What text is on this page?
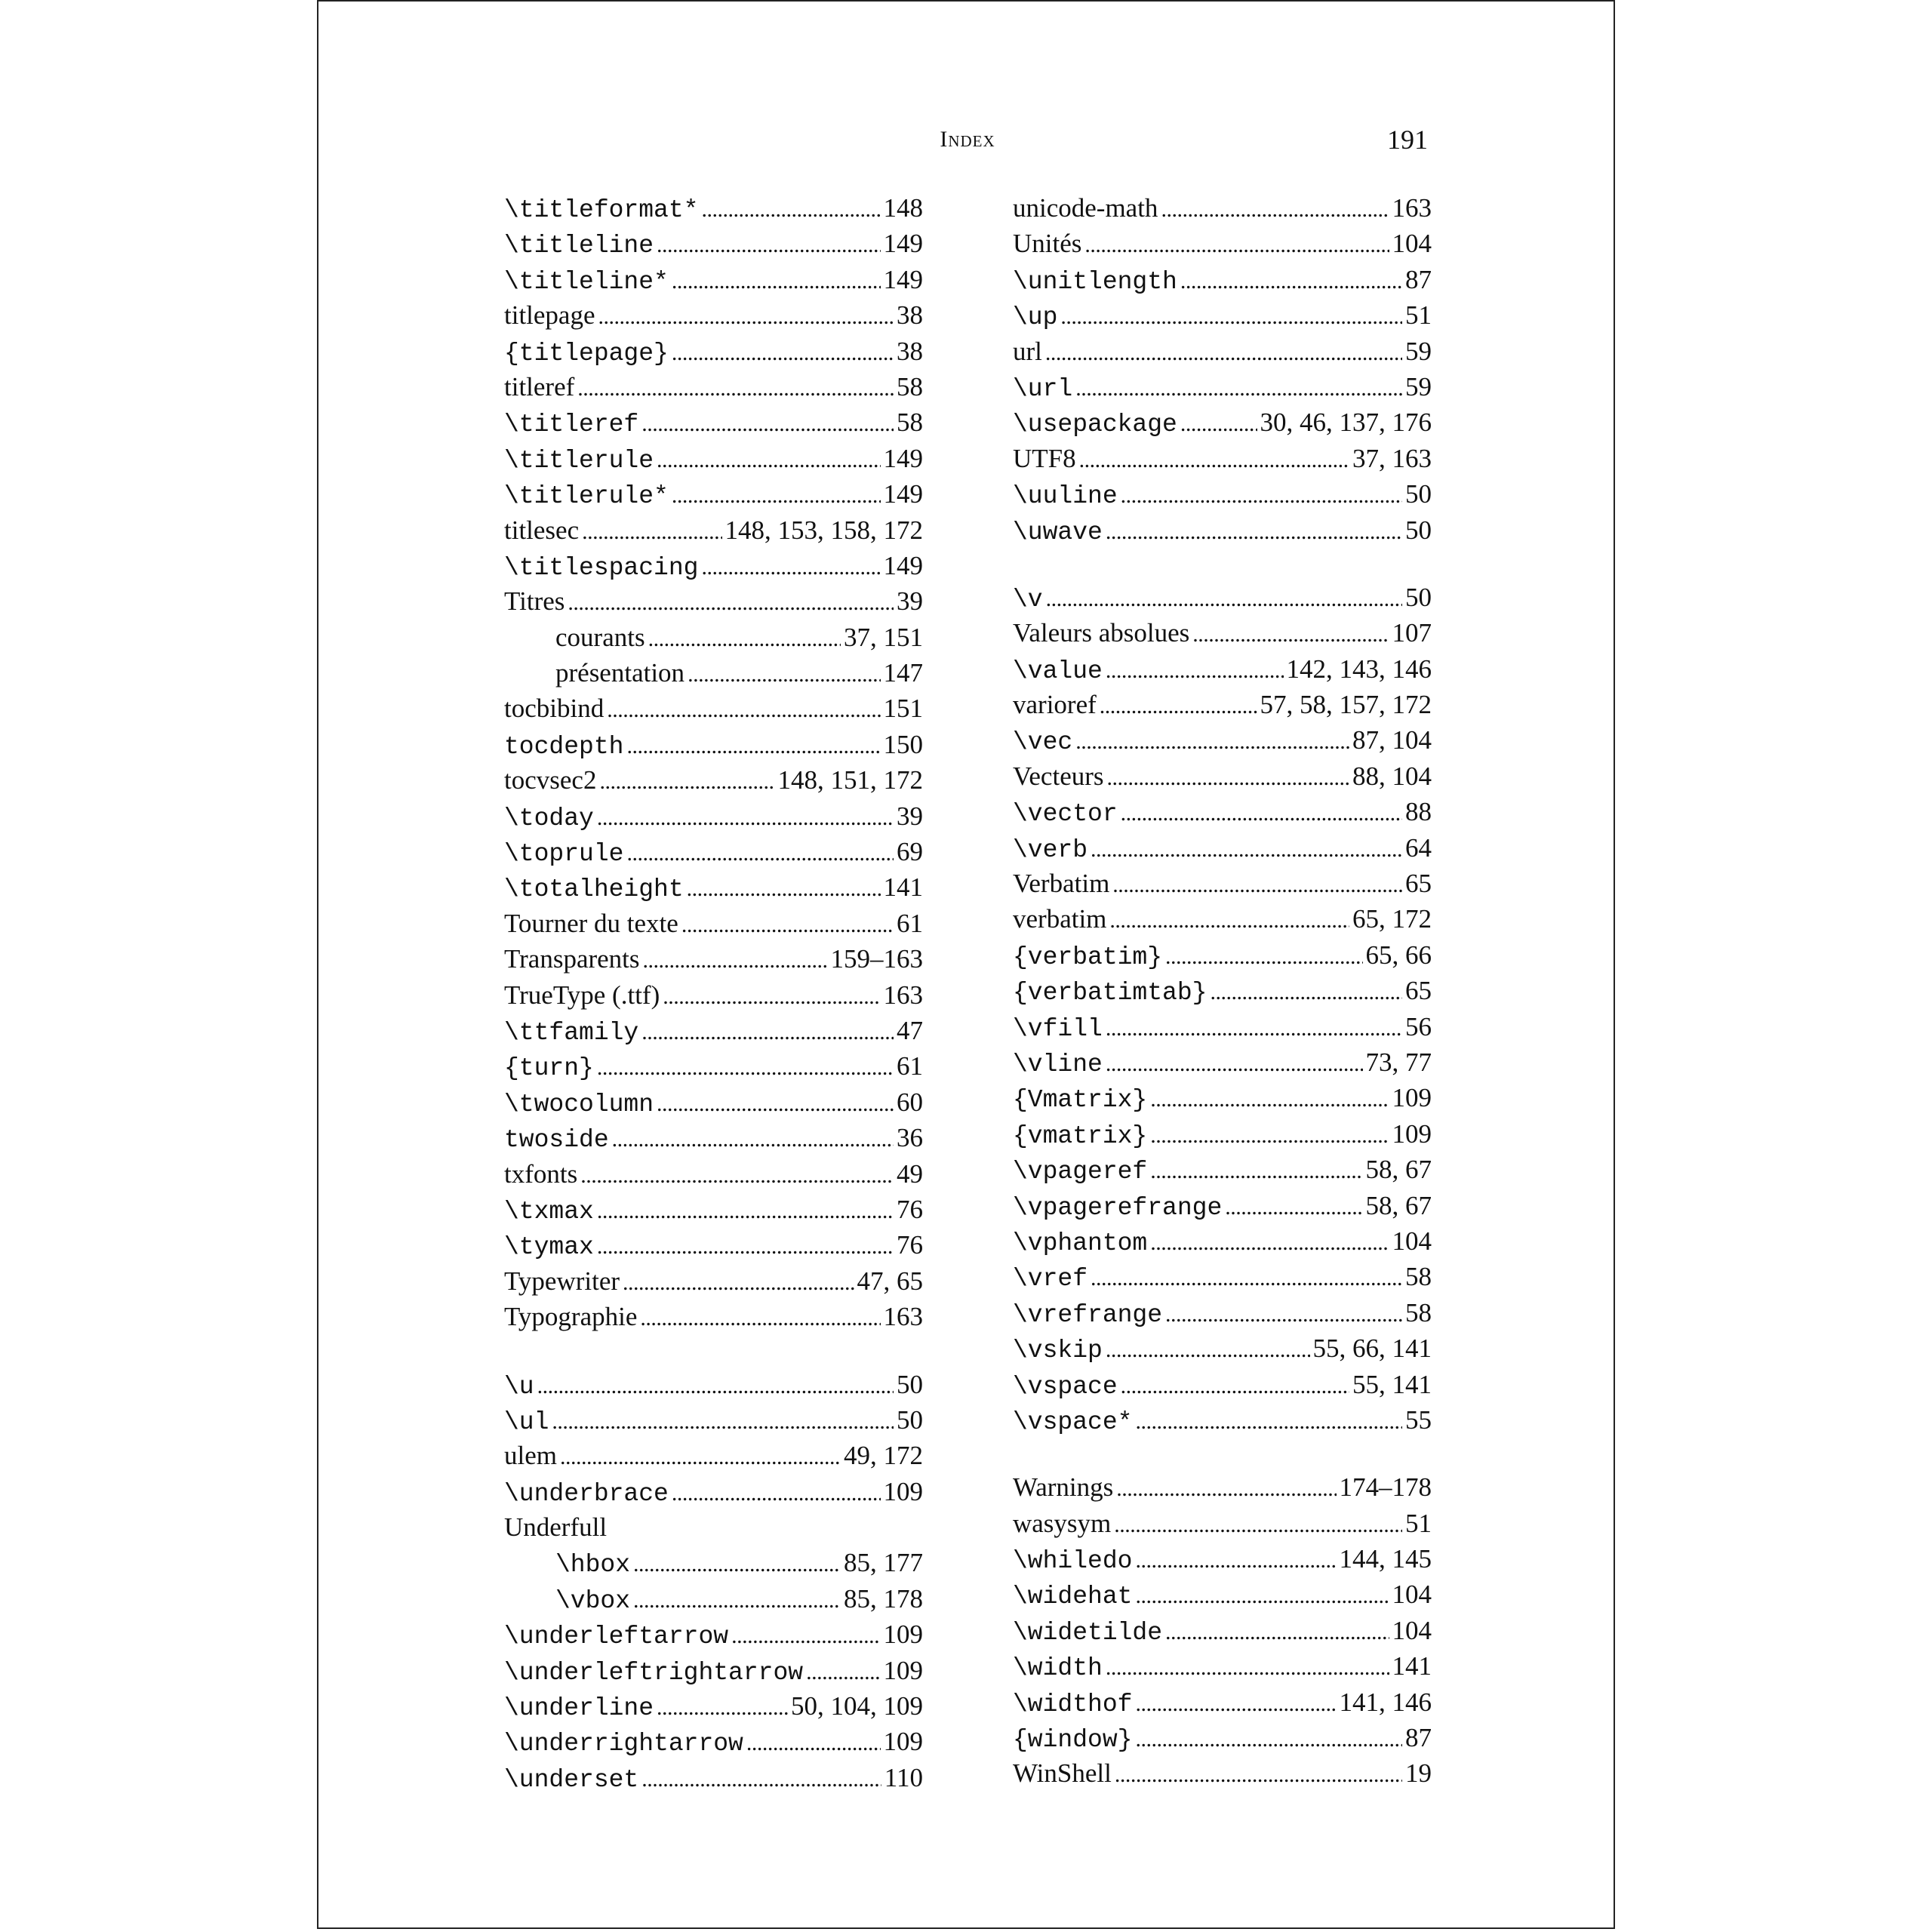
Index	191
\titleformat* . . .	148
\titleline . . .	149
\titleline* . . .	149
titlepage . . .	38
{titlepage} . . .	38
titleref . . .	58
\titleref . . .	58
\titlerule . . .	149
\titlerule* . . .	149
titlesec . . .	148, 153, 158, 172
\titlespacing . . .	149
Titres . . .	39
courants . . .	37, 151
présentation . . .	147
tocbibind . . .	151
tocdepth . . .	150
tocvsec2 . . .	148, 151, 172
\today . . .	39
\toprule . . .	69
\totalheight . . .	141
Tourner du texte . . .	61
Transparents . . .	159–163
TrueType (.ttf) . . .	163
\ttfamily . . .	47
{turn} . . .	61
\twocolumn . . .	60
twoside . . .	36
txfonts . . .	49
\txmax . . .	76
\tymax . . .	76
Typewriter . . .	47, 65
Typographie . . .	163
\u . . .	50
\ul . . .	50
ulem . . .	49, 172
\underbrace . . .	109
Underfull
\hbox . . .	85, 177
\vbox . . .	85, 178
\underleftarrow . . .	109
\underleftrightarrow . . .	109
\underline . . .	50, 104, 109
\underrightarrow . . .	109
\underset . . .	110
unicode-math . . .	163
Unités . . .	104
\unitlength . . .	87
\up . . .	51
url . . .	59
\url . . .	59
\usepackage . . .	30, 46, 137, 176
UTF8 . . .	37, 163
\uuline . . .	50
\uwave . . .	50
\v . . .	50
Valeurs absolues . . .	107
\value . . .	142, 143, 146
varioref . . .	57, 58, 157, 172
\vec . . .	87, 104
Vecteurs . . .	88, 104
\vector . . .	88
\verb . . .	64
Verbatim . . .	65
verbatim . . .	65, 172
{verbatim} . . .	65, 66
{verbatimtab} . . .	65
\vfill . . .	56
\vline . . .	73, 77
{Vmatrix} . . .	109
{vmatrix} . . .	109
\vpageref . . .	58, 67
\vpagerefrange . . .	58, 67
\vphantom . . .	104
\vref . . .	58
\vrefrange . . .	58
\vskip . . .	55, 66, 141
\vspace . . .	55, 141
\vspace* . . .	55
Warnings . . .	174–178
wasysym . . .	51
\whiledo . . .	144, 145
\widehat . . .	104
\widetilde . . .	104
\width . . .	141
\widthof . . .	141, 146
{window} . . .	87
WinShell . . .	19
